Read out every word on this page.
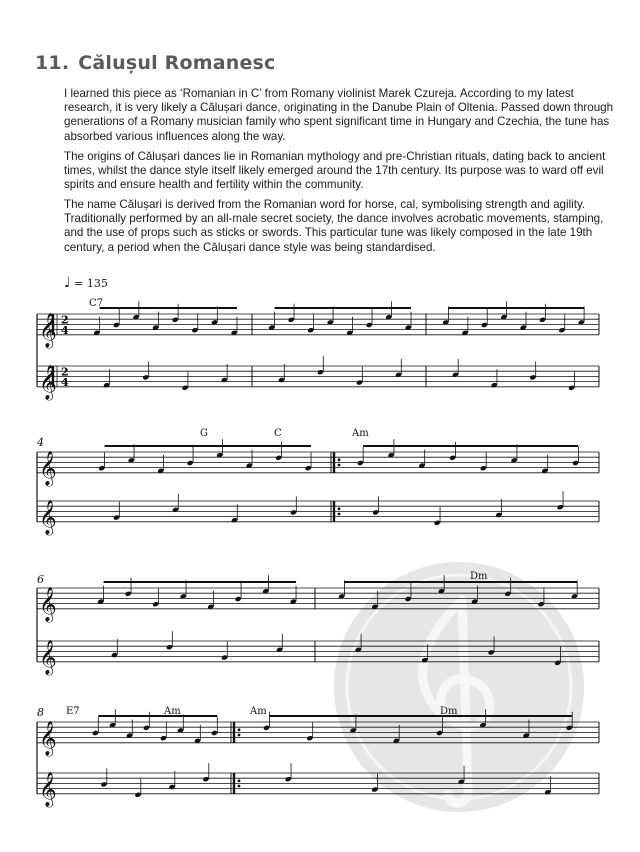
11. Călușul Romanesc

I learned this piece as ‘Romanian in C’ from Romany violinist Marek Czureja. According to my latest research, it is very likely a Călușari dance, originating in the Danube Plain of Oltenia. Passed down through generations of a Romany musician family who spent significant time in Hungary and Czechia, the tune has absorbed various influences along the way.

The origins of Călușari dances lie in Romanian mythology and pre-Christian rituals, dating back to ancient times, whilst the dance style itself likely emerged around the 17th century. Its purpose was to ward off evil spirits and ensure health and fertility within the community.

The name Călușari is derived from the Romanian word for horse, cal, symbolising strength and agility. Traditionally performed by an all-male secret society, the dance involves acrobatic movements, stamping, and the use of props such as sticks or swords. This particular tune was likely composed in the late 19th century, a period when the Călușari dance style was being standardised.

♩ = 135
𝄞 2
4
𝄞 2
4
𝄞
𝄞
𝄞
𝄞
𝄞
𝄞
C7
4
G	C	Am
6	Dm
8 E7	Am	Am	Dm
